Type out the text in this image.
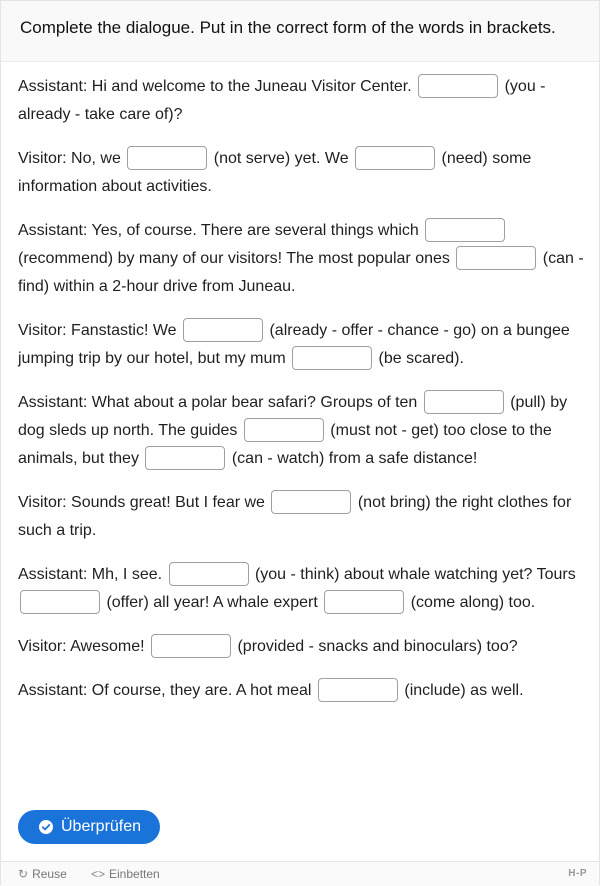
Complete the dialogue. Put in the correct form of the words in brackets.

Assistant: Hi and welcome to the Juneau Visitor Center.	(you - already - take care of)?

Visitor: No, we	(not serve) yet. We	(need) some information about activities.

Assistant: Yes, of course. There are several things which  (recommend) by many of our visitors! The most popular ones	(can - find) within a 2-hour drive from Juneau.

Visitor: Fanstastic! We	(already - offer - chance - go) on a bungee jumping trip by our hotel, but my mum	(be scared).

Assistant: What about a polar bear safari? Groups of ten	(pull) by dog sleds up north. The guides	(must not - get) too close to the animals, but they	(can - watch) from a safe distance!

Visitor: Sounds great! But I fear we	(not bring) the right clothes for such a trip.

Assistant: Mh, I see.	(you - think) about whale watching yet? Tours  (offer) all year! A whale expert	(come along) too.

Visitor: Awesome!	(provided - snacks and binoculars) too?

Assistant: Of course, they are. A hot meal	(include) as well.

Überprüfen
↻ Reuse <> Einbetten	H-P
